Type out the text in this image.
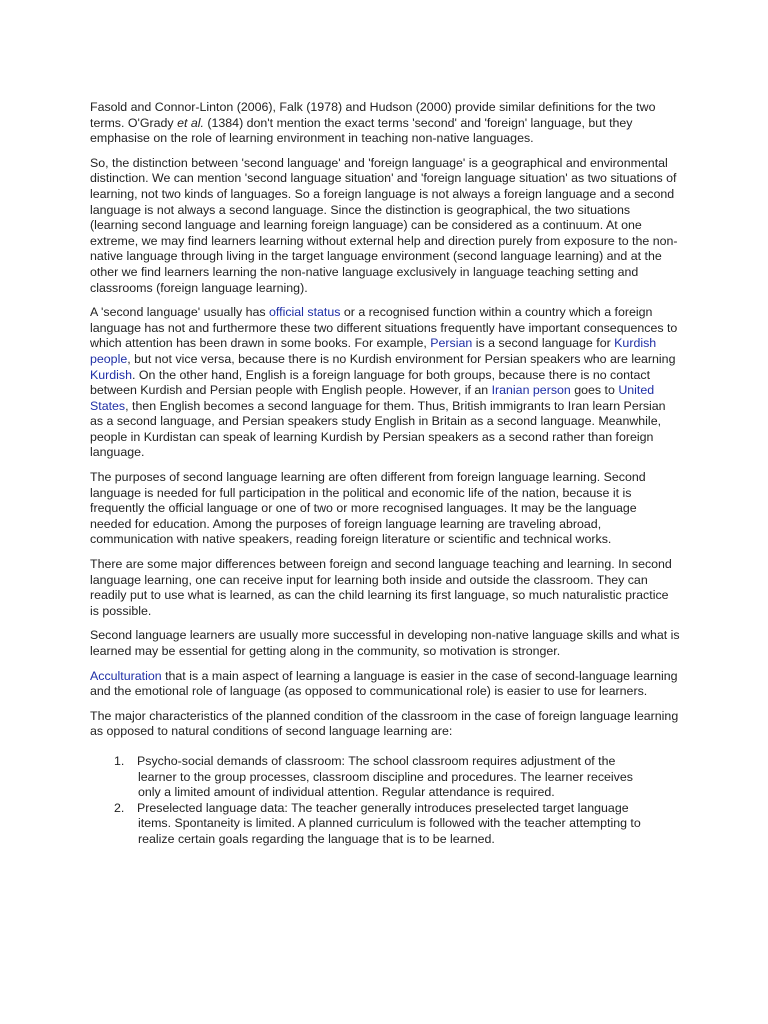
Fasold and Connor-Linton (2006), Falk (1978) and Hudson (2000) provide similar definitions for the two terms. O'Grady et al. (1384) don't mention the exact terms 'second' and 'foreign' language, but they emphasise on the role of learning environment in teaching non-native languages.

So, the distinction between 'second language' and 'foreign language' is a geographical and environmental distinction. We can mention 'second language situation' and 'foreign language situation' as two situations of learning, not two kinds of languages. So a foreign language is not always a foreign language and a second language is not always a second language. Since the distinction is geographical, the two situations (learning second language and learning foreign language) can be considered as a continuum. At one extreme, we may find learners learning without external help and direction purely from exposure to the non-native language through living in the target language environment (second language learning) and at the other we find learners learning the non-native language exclusively in language teaching setting and classrooms (foreign language learning).

A 'second language' usually has official status or a recognised function within a country which a foreign language has not and furthermore these two different situations frequently have important consequences to which attention has been drawn in some books. For example, Persian is a second language for Kurdish people, but not vice versa, because there is no Kurdish environment for Persian speakers who are learning Kurdish. On the other hand, English is a foreign language for both groups, because there is no contact between Kurdish and Persian people with English people. However, if an Iranian person goes to United States, then English becomes a second language for them. Thus, British immigrants to Iran learn Persian as a second language, and Persian speakers study English in Britain as a second language. Meanwhile, people in Kurdistan can speak of learning Kurdish by Persian speakers as a second rather than foreign language.

The purposes of second language learning are often different from foreign language learning. Second language is needed for full participation in the political and economic life of the nation, because it is frequently the official language or one of two or more recognised languages. It may be the language needed for education. Among the purposes of foreign language learning are traveling abroad, communication with native speakers, reading foreign literature or scientific and technical works.

There are some major differences between foreign and second language teaching and learning. In second language learning, one can receive input for learning both inside and outside the classroom. They can readily put to use what is learned, as can the child learning its first language, so much naturalistic practice is possible.

Second language learners are usually more successful in developing non-native language skills and what is learned may be essential for getting along in the community, so motivation is stronger.

Acculturation that is a main aspect of learning a language is easier in the case of second-language learning and the emotional role of language (as opposed to communicational role) is easier to use for learners.

The major characteristics of the planned condition of the classroom in the case of foreign language learning as opposed to natural conditions of second language learning are:

1. Psycho-social demands of classroom: The school classroom requires adjustment of the learner to the group processes, classroom discipline and procedures. The learner receives only a limited amount of individual attention. Regular attendance is required.
2. Preselected language data: The teacher generally introduces preselected target language items. Spontaneity is limited. A planned curriculum is followed with the teacher attempting to realize certain goals regarding the language that is to be learned.
